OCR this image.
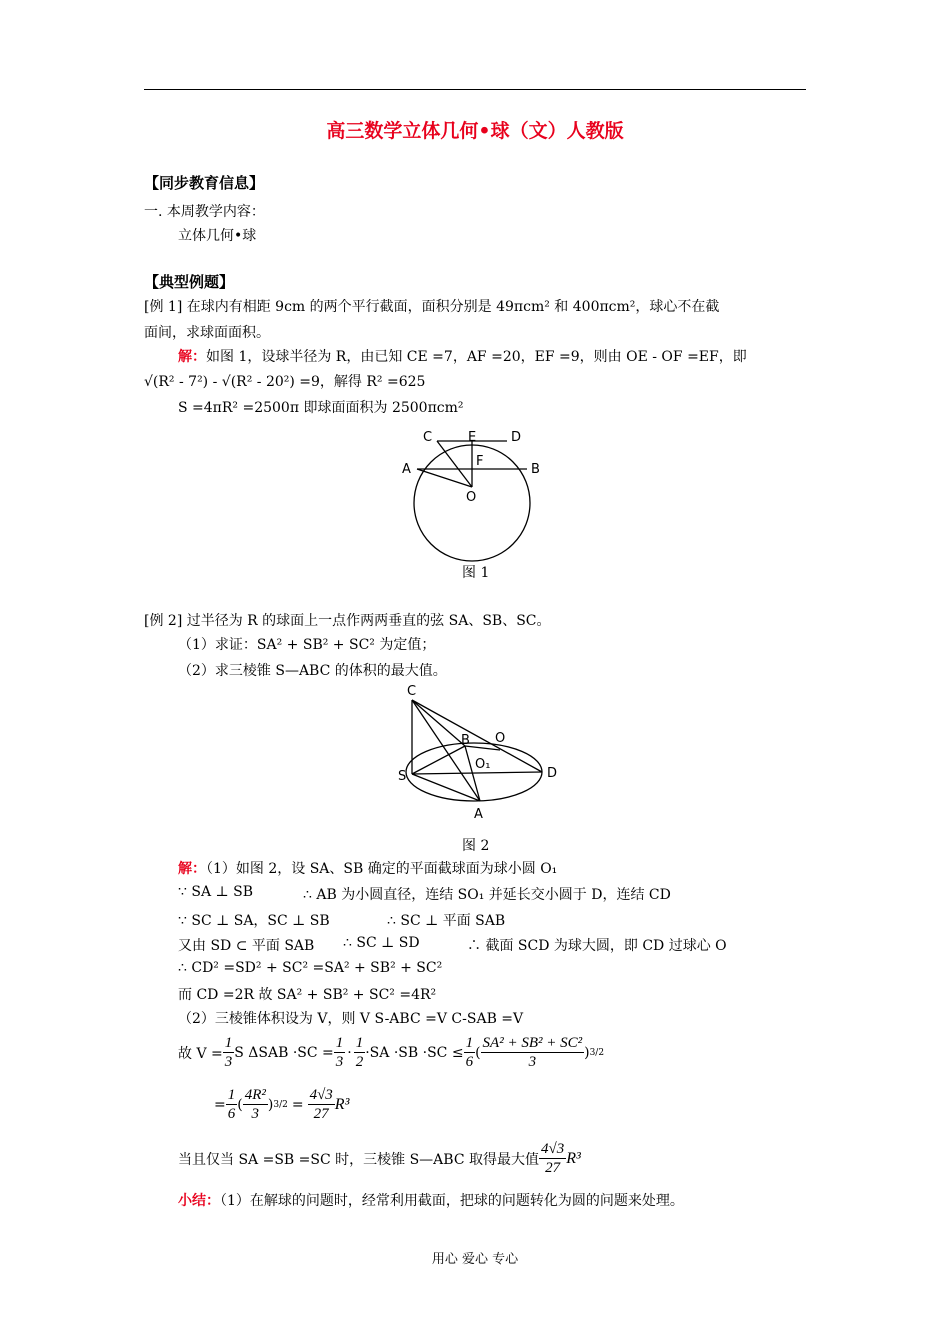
高三数学立体几何•球（文）人教版
【同步教育信息】
一. 本周教学内容：
立体几何•球
【典型例题】
[例 1] 在球内有相距 9cm 的两个平行截面，面积分别是 49πcm² 和 400πcm²，球心不在截
面间，求球面面积。
解：如图 1，设球半径为 R，由已知 CE =7，AF =20，EF =9，则由 OE - OF =EF，即
√(R² - 7²) - √(R² - 20²) =9，解得 R² =625
S =4πR² =2500π 即球面面积为 2500πcm²
C	E	D
A
F
B
O
图 1
[例 2] 过半径为 R 的球面上一点作两两垂直的弦 SA、SB、SC。
（1）求证：SA² + SB² + SC² 为定值；
（2）求三棱锥 S—ABC 的体积的最大值。
C
B O
O₁
S	D
A
图 2
解：（1）如图 2，设 SA、SB 确定的平面截球面为球小圆 O₁
∵ SA ⊥ SB	∴ AB 为小圆直径，连结 SO₁ 并延长交小圆于 D，连结 CD
∵ SC ⊥ SA，SC ⊥ SB	∴ SC ⊥ 平面 SAB
又由 SD ⊂ 平面 SAB ∴ SC ⊥ SD	∴ 截面 SCD 为球大圆，即 CD 过球心 O
∴ CD² =SD² + SC² =SA² + SB² + SC²
而 CD =2R 故 SA² + SB² + SC² =4R²
（2）三棱锥体积设为 V，则 V S-ABC =V C-SAB =V
故 $V = \frac{1}{3}$ S $\Delta SAB \cdot SC = \frac{1}{3} \cdot \frac{1}{2} \cdot SA \cdot SB \cdot SC \le \frac{1}{6}$ ( $\frac{\text{SA² + SB² + SC²}}{3}$ ) 3/2
= $\frac{1}{6}$ ( $\frac{\text{4R²}}{3}$ ) $3/2 = \frac{4√3}{27} R^3$
当且仅当 SA =SB =SC 时，三棱锥 S—ABC 取得最大值 $\frac{4√3}{27} R^3$
小结：（1）在解球的问题时，经常利用截面，把球的问题转化为圆的问题来处理。
用心 爱心 专心
